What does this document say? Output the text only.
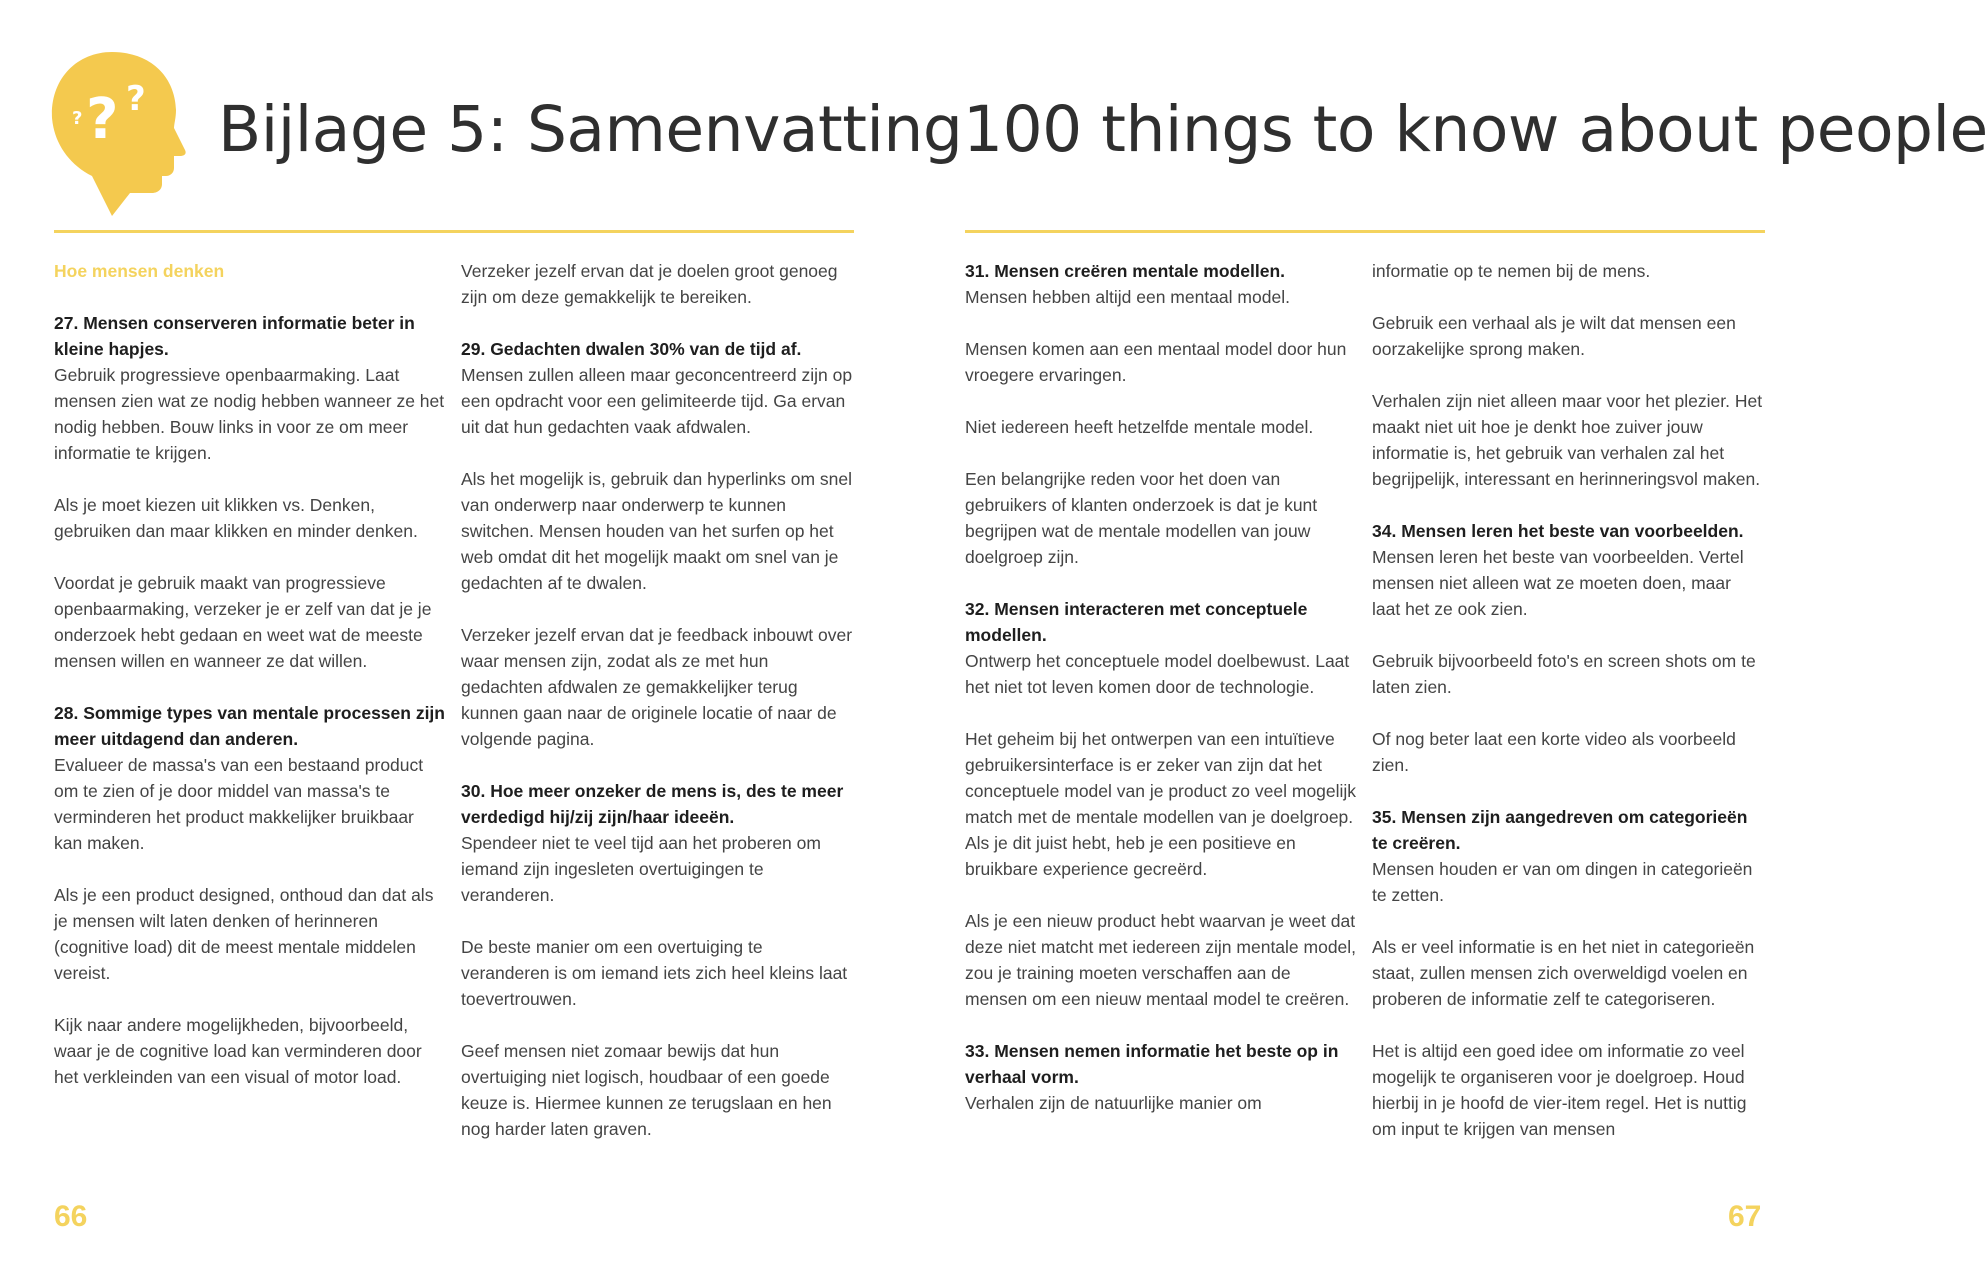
? ? ? Bijlage 5: Samenvatting 100 things to know about people
Hoe mensen denken
27. Mensen conserveren informatie beter in kleine hapjes.

Gebruik progressieve openbaarmaking. Laat mensen zien wat ze nodig hebben wanneer ze het nodig hebben. Bouw links in voor ze om meer informatie te krijgen.

Als je moet kiezen uit klikken vs. Denken, gebruiken dan maar klikken en minder denken.

Voordat je gebruik maakt van progressieve openbaarmaking, verzeker je er zelf van dat je je onderzoek hebt gedaan en weet wat de meeste mensen willen en wanneer ze dat willen.

28. Sommige types van mentale processen zijn meer uitdagend dan anderen.

Evalueer de massa's van een bestaand product om te zien of je door middel van massa's te verminderen het product makkelijker bruikbaar kan maken.

Als je een product designed, onthoud dan dat als je mensen wilt laten denken of herinneren (cognitive load) dit de meest mentale middelen vereist.

Kijk naar andere mogelijkheden, bijvoorbeeld, waar je de cognitive load kan verminderen door het verkleinden van een visual of motor load.

Verzeker jezelf ervan dat je doelen groot genoeg zijn om deze gemakkelijk te bereiken.

29. Gedachten dwalen 30% van de tijd af.

Mensen zullen alleen maar geconcentreerd zijn op een opdracht voor een gelimiteerde tijd. Ga ervan uit dat hun gedachten vaak afdwalen.

Als het mogelijk is, gebruik dan hyperlinks om snel van onderwerp naar onderwerp te kunnen switchen. Mensen houden van het surfen op het web omdat dit het mogelijk maakt om snel van je gedachten af te dwalen.

Verzeker jezelf ervan dat je feedback inbouwt over waar mensen zijn, zodat als ze met hun gedachten afdwalen ze gemakkelijker terug kunnen gaan naar de originele locatie of naar de volgende pagina.

30. Hoe meer onzeker de mens is, des te meer verdedigd hij/zij zijn/haar ideeën.

Spendeer niet te veel tijd aan het proberen om iemand zijn ingesleten overtuigingen te veranderen.

De beste manier om een overtuiging te veranderen is om iemand iets zich heel kleins laat toevertrouwen.

Geef mensen niet zomaar bewijs dat hun overtuiging niet logisch, houdbaar of een goede keuze is. Hiermee kunnen ze terugslaan en hen nog harder laten graven.

31. Mensen creëren mentale modellen.

Mensen hebben altijd een mentaal model.

Mensen komen aan een mentaal model door hun vroegere ervaringen.

Niet iedereen heeft hetzelfde mentale model.

Een belangrijke reden voor het doen van gebruikers of klanten onderzoek is dat je kunt begrijpen wat de mentale modellen van jouw doelgroep zijn.

32. Mensen interacteren met conceptuele modellen.

Ontwerp het conceptuele model doelbewust. Laat het niet tot leven komen door de technologie.

Het geheim bij het ontwerpen van een intuïtieve gebruikersinterface is er zeker van zijn dat het conceptuele model van je product zo veel mogelijk match met de mentale modellen van je doelgroep. Als je dit juist hebt, heb je een positieve en bruikbare experience gecreërd.

Als je een nieuw product hebt waarvan je weet dat deze niet matcht met iedereen zijn mentale model, zou je training moeten verschaffen aan de mensen om een nieuw mentaal model te creëren.

33. Mensen nemen informatie het beste op in verhaal vorm.

Verhalen zijn de natuurlijke manier om

informatie op te nemen bij de mens.

Gebruik een verhaal als je wilt dat mensen een oorzakelijke sprong maken.

Verhalen zijn niet alleen maar voor het plezier. Het maakt niet uit hoe je denkt hoe zuiver jouw informatie is, het gebruik van verhalen zal het begrijpelijk, interessant en herinneringsvol maken.

34. Mensen leren het beste van voorbeelden.

Mensen leren het beste van voorbeelden. Vertel mensen niet alleen wat ze moeten doen, maar laat het ze ook zien.

Gebruik bijvoorbeeld foto's en screen shots om te laten zien.

Of nog beter laat een korte video als voorbeeld zien.

35. Mensen zijn aangedreven om categorieën te creëren.

Mensen houden er van om dingen in categorieën te zetten.

Als er veel informatie is en het niet in categorieën staat, zullen mensen zich overweldigd voelen en proberen de informatie zelf te categoriseren.

Het is altijd een goed idee om informatie zo veel mogelijk te organiseren voor je doelgroep. Houd hierbij in je hoofd de vier-item regel. Het is nuttig om input te krijgen van mensen

66	67
